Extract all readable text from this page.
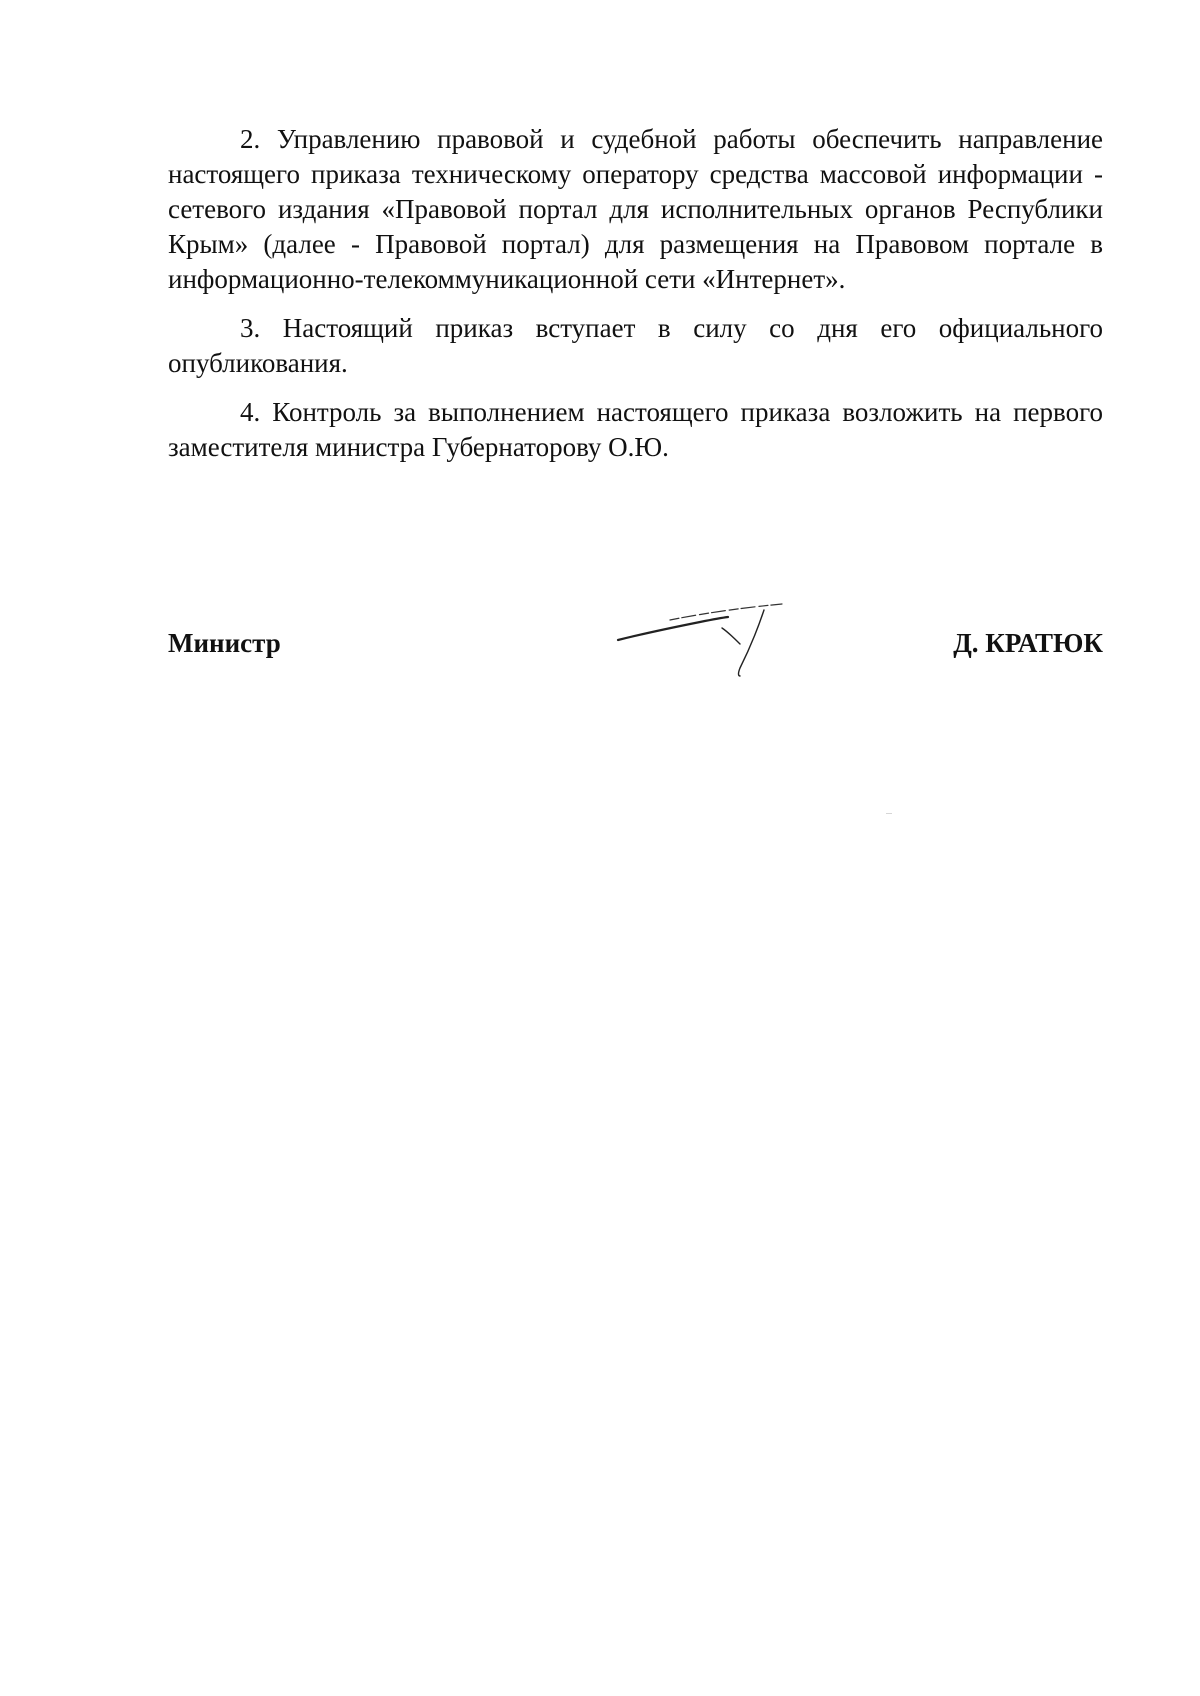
2. Управлению правовой и судебной работы обеспечить направление настоящего приказа техническому оператору средства массовой информации - сетевого издания «Правовой портал для исполнительных органов Республики Крым» (далее - Правовой портал) для размещения на Правовом портале в информационно-телекоммуникационной сети «Интернет».

3. Настоящий приказ вступает в силу со дня его официального опубликования.

4. Контроль за выполнением настоящего приказа возложить на первого заместителя министра Губернаторову О.Ю.

Министр	Д. КРАТЮК
